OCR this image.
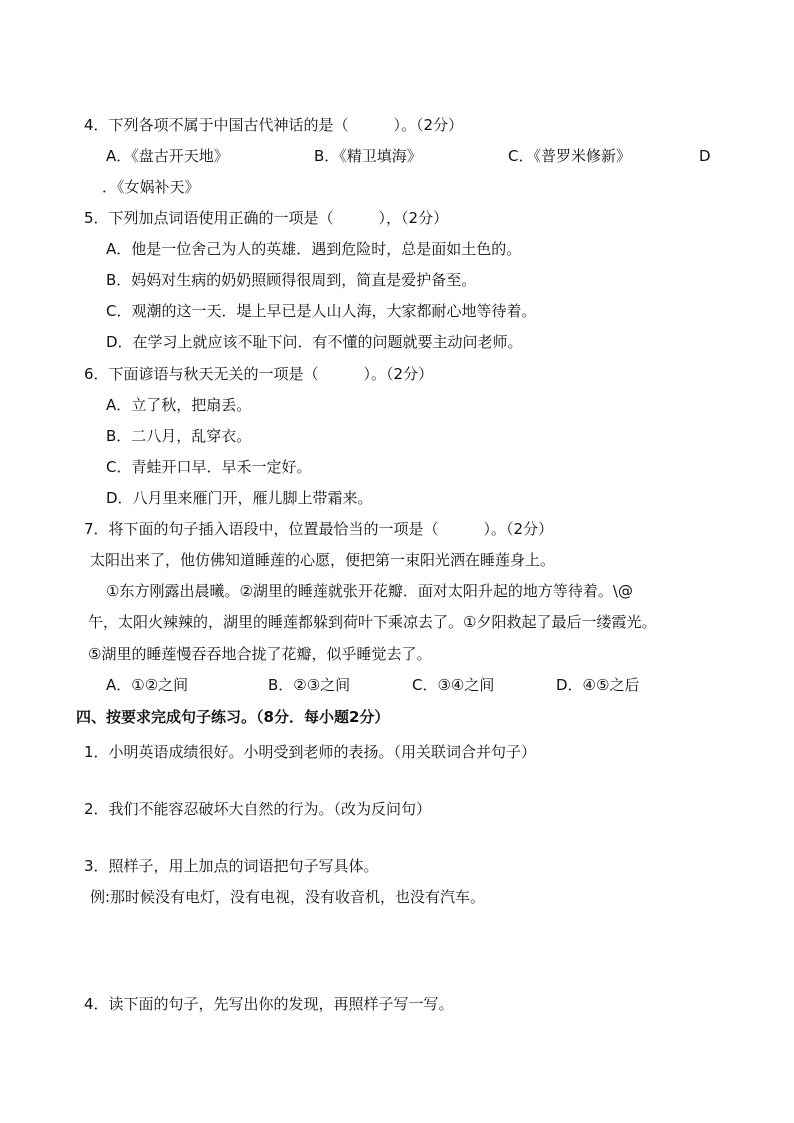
4．下列各项不属于中国古代神话的是（　　　）。（2分）
A．《盘古开天地》	B．《精卫填海》	C．《普罗米修新》	D
．《女娲补天》
5．下列加点词语使用正确的一项是（　　　），（2分）
A．他是一位舍己为人的英雄．遇到危险时，总是面如土色的。
B．妈妈对生病的奶奶照顾得很周到，简直是爱护备至。
C．观潮的这一天．堤上早已是人山人海，大家都耐心地等待着。
D．在学习上就应该不耻下问．有不懂的问题就要主动问老师。
6．下面谚语与秋天无关的一项是（　　　）。（2分）
A．立了秋，把扇丢。
B．二八月，乱穿衣。
C．青蛙开口早．早禾一定好。
D．八月里来雁门开，雁儿脚上带霜来。
7．将下面的句子插入语段中，位置最恰当的一项是（　　　）。（2分）
太阳出来了，他仿佛知道睡莲的心愿，便把第一束阳光洒在睡莲身上。
①东方刚露出晨曦。②湖里的睡莲就张开花瓣．面对太阳升起的地方等待着。\@
午，太阳火辣辣的，湖里的睡莲都躲到荷叶下乘凉去了。①夕阳救起了最后一缕霞光。
⑤湖里的睡莲慢吞吞地合拢了花瓣，似乎睡觉去了。
A．①②之间	B．②③之间	C．③④之间	D．④⑤之后
四、按要求完成句子练习。（8分．每小题2分）
1．小明英语成绩很好。小明受到老师的表扬。（用关联词合并句子）
2．我们不能容忍破坏大自然的行为。（改为反问句）
3．照样子，用上加点的词语把句子写具体。
例:那时候没有电灯，没有电视，没有收音机，也没有汽车。
4．读下面的句子，先写出你的发现，再照样子写一写。
